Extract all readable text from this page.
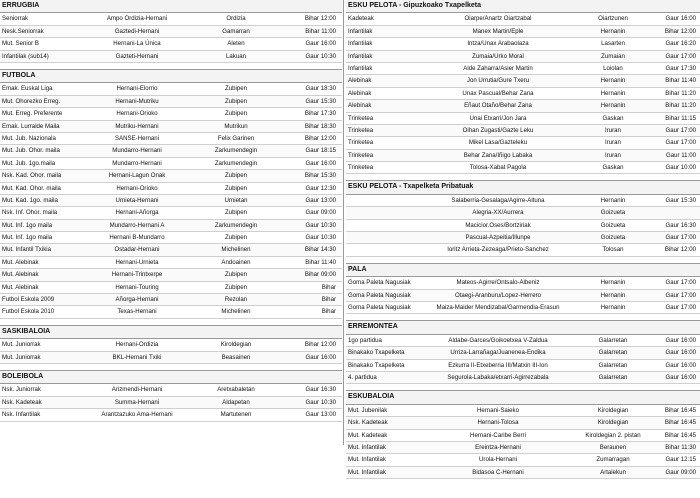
ERRUGBIA
Seniorrak	Ampo Ordizia-Hernani	Ordizia	Bihar 12:00
Nesk.Seniorrak	Gaztedi-Hernani	Gamarran	Bihar 11:00
Mut. Senior B	Hernani-La Única	Aleten	Gaur 16:00
Infantilak (sub14)	Gazteti-Hernani	Lakuan	Gaur 10:30
FUTBOLA
Emak. Euskal Liga	Hernani-Elorrio	Zubipen	Gaur 18:30
Mut. Ohorezko Erreg.	Hernani-Mutriku	Zubipen	Gaur 15:30
Mut. Erreg. Preferente	Hernani-Orioko	Zubipen	Bihar 17:30
Emak. Lurralde Maila	Mutriku-Hernani	Mutrikun	Bihar 18:30
Mut. Jub. Nazionala	SANSE-Hernani	Felix Garinen	Bihar 12:00
Mut. Jub. Ohor. maila	Mundarro-Hernani	Zarkumendegin	Gaur 18:15
Mut. Jub. 1go.maila	Mundarro-Hernani	Zarkumendegin	Gaur 16:00
Nsk. Kad. Ohor. maila	Hernani-Lagun Onak	Zubipen	Bihar 15:30
Mut. Kad. Ohor. maila	Hernani-Orioko	Zubipen	Gaur 12:30
Mut. Kad. 1go. maila	Urnieta-Hernani	Urnietan	Gaur 13:00
Nsk. Inf. Ohor. maila	Hernani-Añorga	Zubipen	Gaur 09:00
Mut. Inf. 1go maila	Mundarro-Hernani A	Zarkumendegin	Gaur 10:30
Mut. Inf. 1go maila	Hernani B-Mundarro	Zubipen	Gaur 10:30
Mut. Infantil Txikia	Ostadar-Hernani	Michelinen	Bihar 14:30
Mut. Alebinak	Hernani-Urnieta	Andoainen	Bihar 11:40
Mut. Alebinak	Hernani-Trintxerpe	Zubipen	Bihar 09:00
Mut. Alebinak	Hernani-Touring	Zubipen	Bihar
Futbol Eskola 2009	Añorga-Hernani	Rezolan	Bihar
Futbol Eskola 2010	Texas-Hernani	Michelinen	Bihar
SASKIBALOIA
Mut. Juniorrak	Hernani-Ordizia	Kiroldegian	Bihar 12:00
Mut. Juniorrak	BKL-Hernani Txiki	Beasainen	Gaur 16:00
BOLEIBOLA
Nsk. Juniorrak	Arizmendi-Hernani	Aretxabaletan	Gaur 16:30
Nsk. Kadeteak	Summa-Hernani	Aldapetan	Gaur 10:30
Nsk. Infantilak	Arantzazuko Ama-Hernani	Martutenen	Gaur 13:00
ESKU PELOTA - Gipuzkoako Txapelketa
Kadeteak	Oiarpe/Anartz Oiartzabal	Oiartzunen	Gaur 16:00
Infantilak	Manex Martin/Eple	Hernanin	Bihar 12:00
Infantilak	Intza/Unax Arabaolaza	Lasarten	Gaur 16:20
Infantilak	Zumaia/Urko Moral	Zumaian	Gaur 17:00
Infantilak	Alde Zaharra/Asier Martin	Loiolan	Gaur 17:30
Alebinak	Jon Urrutia/Gure Txeru	Hernanin	Bihar 11:40
Alebinak	Unax Pascual/Behar Zana	Hernanin	Bihar 11:20
Alebinak	Eñaut Otaño/Behar Zana	Hernanin	Bihar 11:20
Trinketea	Unai Etxarri/Jon Jara	Gaskan	Bihar 11:15
Trinketea	Oihan Zugasti/Gazte Leku	Iruran	Gaur 17:00
Trinketea	Mikel Lasa/Gazteleku	Iruran	Gaur 17:00
Trinketea	Behar Zana/Iñigo Labaka	Iruran	Gaur 11:00
Trinketea	Tolosa-Xabat Pagola	Gaskan	Gaur 10:00
ESKU PELOTA - Txapelketa Pribatuak
Salaberria-Gesalaga/Agirre-Altuna	Hernanin	Gaur 15:30
Alegria-XX/Aurrera	Goizueta
Macicior.Oses/Bortziriak	Goizueta	Gaur 16:30
Pascual-Azpeitia/Illunpe	Goizueta	Gaur 17:00
Ioritz Arrieta-Zezeaga/Prieto-Sanchez	Tolosan	Bihar 12:00
PALA
Goma Paleta Nagusiak	Mateos-Agirre/Ontsalo-Albeniz	Hernanin	Gaur 17:00
Goma Paleta Nagusiak	Otaegi-Aranburu/Lopez-Herrero	Hernanin	Gaur 17:00
Goma Paleta Nagusiak	Maiza-Maider Mendizabal/Garmendia-Erasun	Hernanin	Gaur 17:00
ERREMONTEA
1go partidua	Aldabe-Garces/Goikoetxea V-Zaldua	Galarretan	Gaur 16:00
Binakako Txapelketa	Urriza-Larrañaga/Juanenea-Endika	Galarretan	Gaur 16:00
Binakako Txapelketa	Ezkurra II-Etxeberria III/Matxin III-Ion	Galarretan	Gaur 16:00
4. partidua	Segurola-Labaka/etxarri-Agirrezabala	Galarretan	Gaur 16:00
ESKUBALOIA
Mut. Jubenilak	Hernani-Saieko	Kiroldegian	Bihar 16:45
Nsk. Kadeteak	Hernani-Tolosa	Kiroldegian	Bihar 16:45
Mut. Kadeteak	Hernani-Caribe Berri	Kiroldegian 2. pistan	Bihar 16:45
Mut. Infantilak	Ereintza-Hernani	Beraunen	Bihar 11:30
Mut. Infantilak	Urola-Hernani	Zumarragan	Gaur 12:15
Mut. Infantilak	Bidasoa C-Hernani	Artalekun	Gaur 09:00
